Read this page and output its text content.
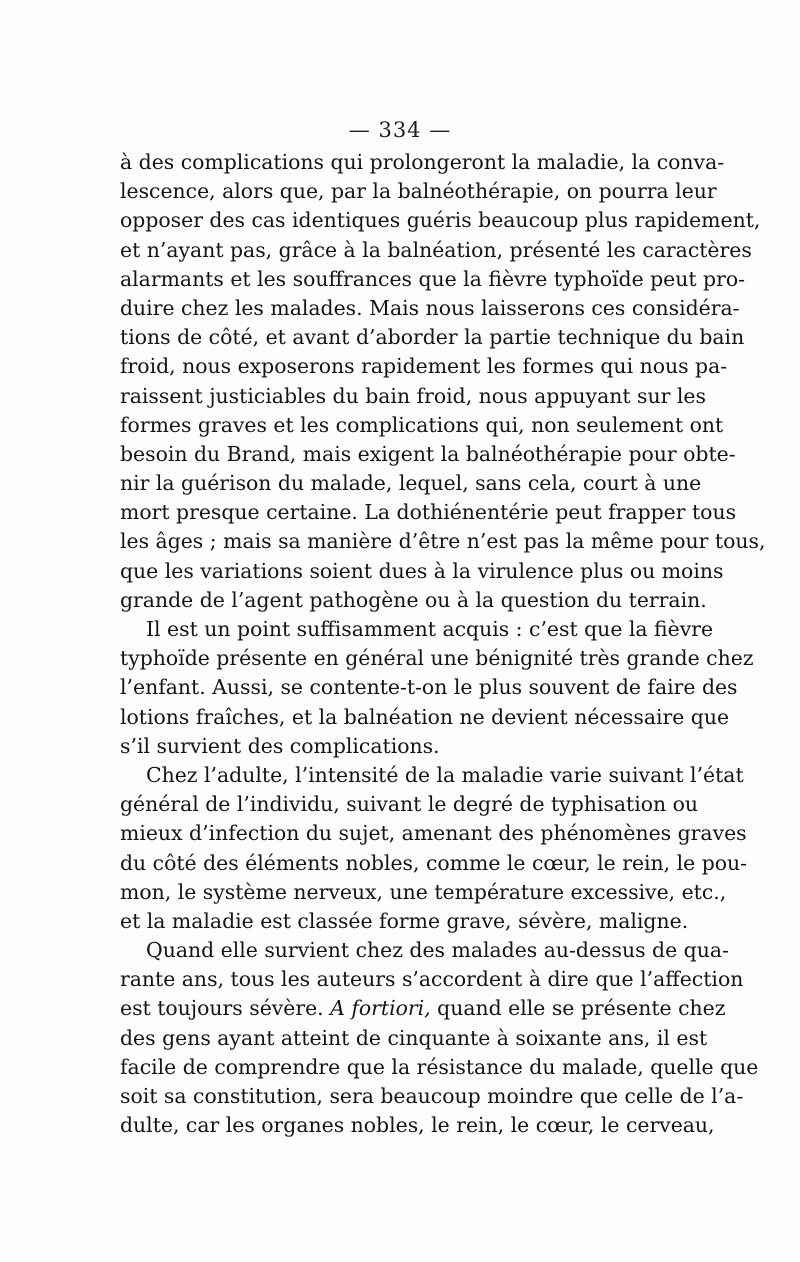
— 334 —
à des complications qui prolongeront la maladie, la conva-
lescence, alors que, par la balnéothérapie, on pourra leur
opposer des cas identiques guéris beaucoup plus rapidement,
et n’ayant pas, grâce à la balnéation, présenté les caractères
alarmants et les souffrances que la fièvre typhoïde peut pro-
duire chez les malades. Mais nous laisserons ces considéra-
tions de côté, et avant d’aborder la partie technique du bain
froid, nous exposerons rapidement les formes qui nous pa-
raissent justiciables du bain froid, nous appuyant sur les
formes graves et les complications qui, non seulement ont
besoin du Brand, mais exigent la balnéothérapie pour obte-
nir la guérison du malade, lequel, sans cela, court à une
mort presque certaine. La dothiénentérie peut frapper tous
les âges ; mais sa manière d’être n’est pas la même pour tous,
que les variations soient dues à la virulence plus ou moins
grande de l’agent pathogène ou à la question du terrain.
Il est un point suffisamment acquis : c’est que la fièvre
typhoïde présente en général une bénignité très grande chez
l’enfant. Aussi, se contente-t-on le plus souvent de faire des
lotions fraîches, et la balnéation ne devient nécessaire que
s’il survient des complications.
Chez l’adulte, l’intensité de la maladie varie suivant l’état
général de l’individu, suivant le degré de typhisation ou
mieux d’infection du sujet, amenant des phénomènes graves
du côté des éléments nobles, comme le cœur, le rein, le pou-
mon, le système nerveux, une température excessive, etc.,
et la maladie est classée forme grave, sévère, maligne.
Quand elle survient chez des malades au-dessus de qua-
rante ans, tous les auteurs s’accordent à dire que l’affection
est toujours sévère. A fortiori, quand elle se présente chez
des gens ayant atteint de cinquante à soixante ans, il est
facile de comprendre que la résistance du malade, quelle que
soit sa constitution, sera beaucoup moindre que celle de l’a-
dulte, car les organes nobles, le rein, le cœur, le cerveau,
